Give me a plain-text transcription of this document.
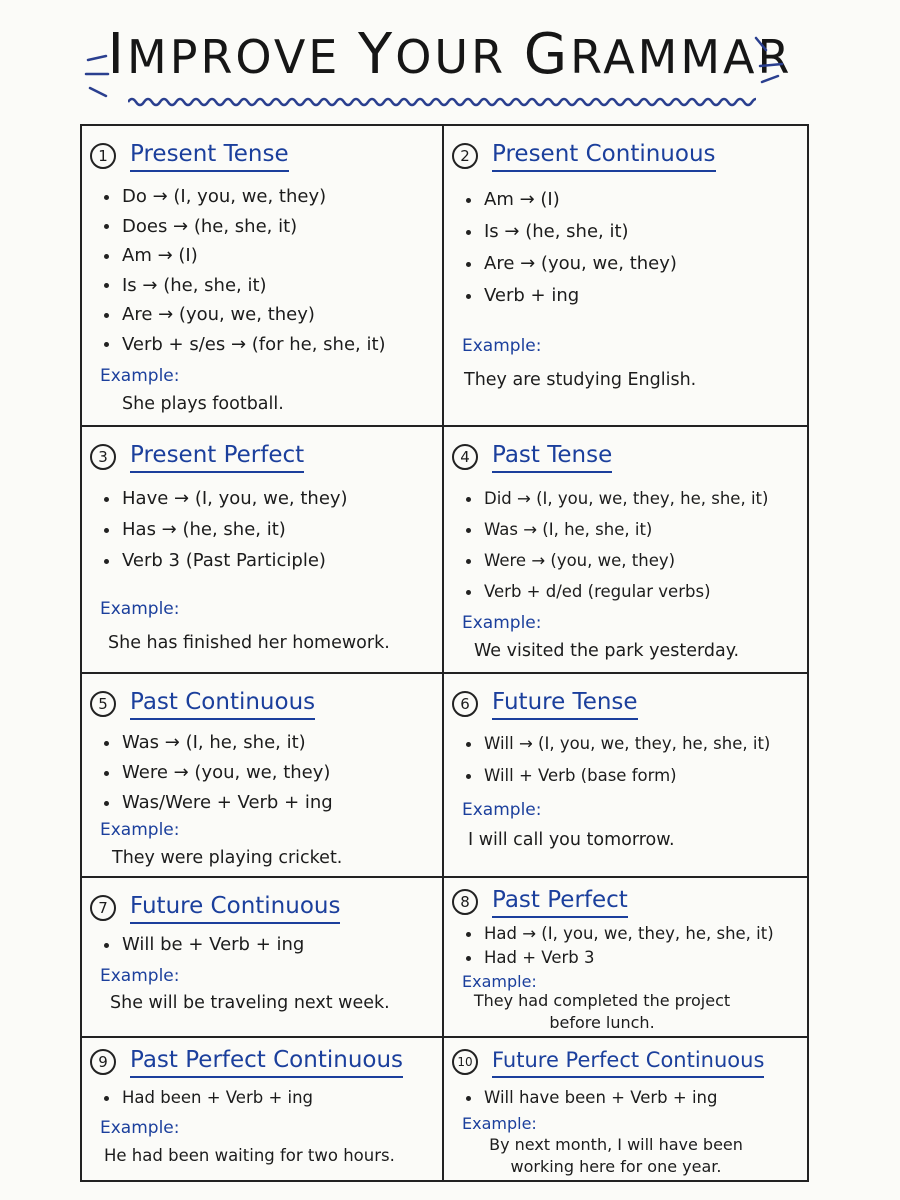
IMPROVE YOUR GRAMMAR
1 Present Tense
Do → (I, you, we, they)
Does → (he, she, it)
Am → (I)
Is → (he, she, it)
Are → (you, we, they)
Verb + s/es → (for he, she, it)
Example:
She plays football.
2 Present Continuous
Am → (I)
Is → (he, she, it)
Are → (you, we, they)
Verb + ing
Example:
They are studying English.
3 Present Perfect
Have → (I, you, we, they)
Has → (he, she, it)
Verb 3 (Past Participle)
Example:
She has finished her homework.
4 Past Tense
Did → (I, you, we, they, he, she, it)
Was → (I, he, she, it)
Were → (you, we, they)
Verb + d/ed (regular verbs)
Example:
We visited the park yesterday.
5 Past Continuous
Was → (I, he, she, it)
Were → (you, we, they)
Was/Were + Verb + ing
Example:
They were playing cricket.
6 Future Tense
Will → (I, you, we, they, he, she, it)
Will + Verb (base form)
Example:
I will call you tomorrow.
7 Future Continuous
Will be + Verb + ing
Example:
She will be traveling next week.
8 Past Perfect
Had → (I, you, we, they, he, she, it)
Had + Verb 3
Example:
They had completed the project
before lunch.
9 Past Perfect Continuous
Had been + Verb + ing
Example:
He had been waiting for two hours.
10 Future Perfect Continuous
Will have been + Verb + ing
Example:
By next month, I will have been
working here for one year.
